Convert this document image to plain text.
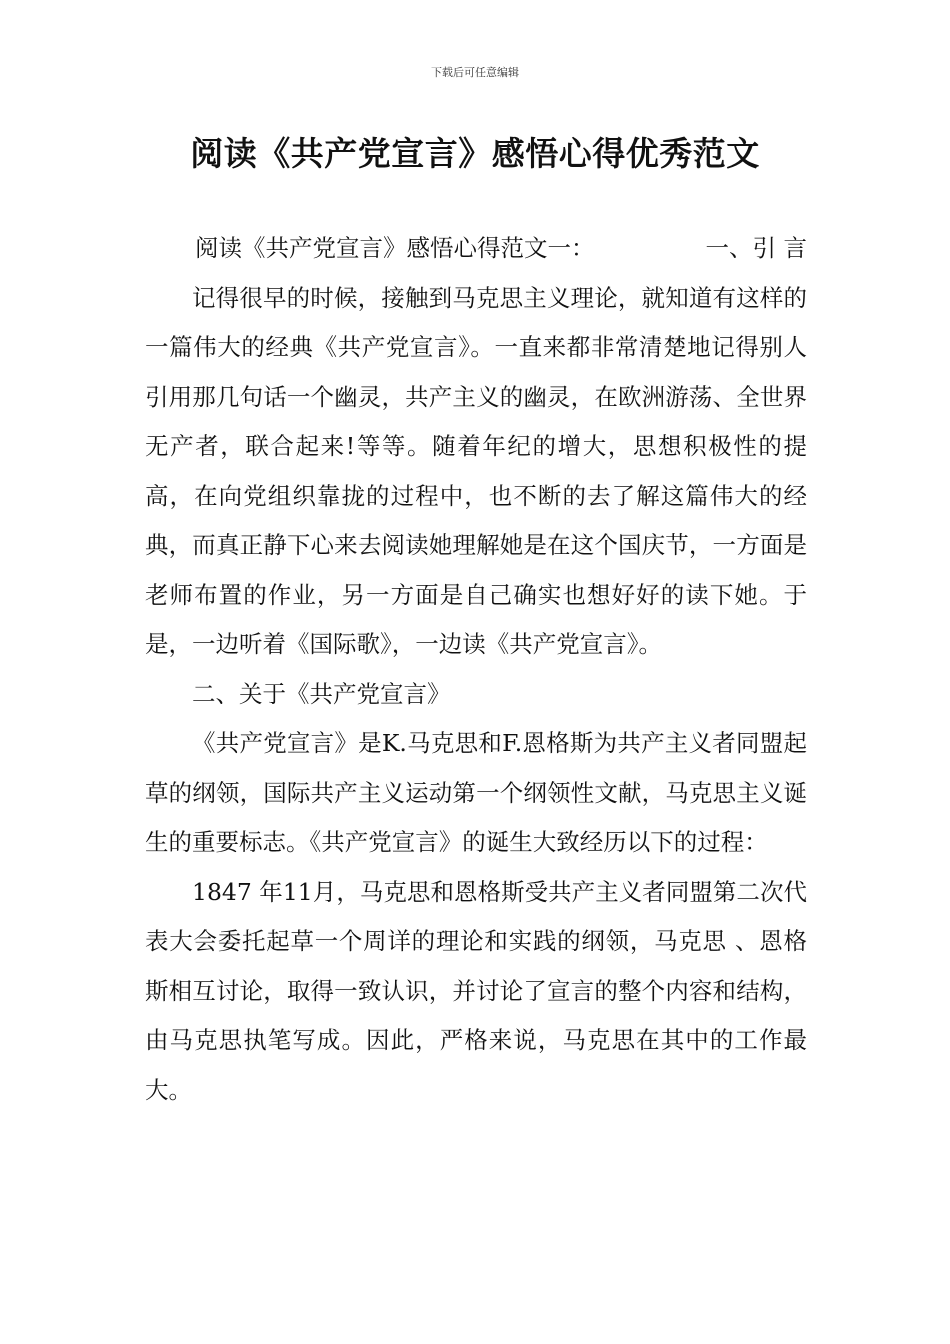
下载后可任意编辑
阅读《共产党宣言》感悟心得优秀范文

阅读《共产党宣言》感悟心得范文一：	一、引 言

记得很早的时候，接触到马克思主义理论，就知道有这样的一篇伟大的经典《共产党宣言》。一直来都非常清楚地记得别人引用那几句话一个幽灵，共产主义的幽灵，在欧洲游荡、全世界无产者，联合起来!等等。随着年纪的增大，思想积极性的提高，在向党组织靠拢的过程中，也不断的去了解这篇伟大的经典，而真正静下心来去阅读她理解她是在这个国庆节，一方面是老师布置的作业，另一方面是自己确实也想好好的读下她。于是，一边听着《国际歌》，一边读《共产党宣言》。

二、关于《共产党宣言》

《共产党宣言》是K.马克思和F.恩格斯为共产主义者同盟起草的纲领，国际共产主义运动第一个纲领性文献，马克思主义诞生的重要标志。《共产党宣言》的诞生大致经历以下的过程：

1847 年11月，马克思和恩格斯受共产主义者同盟第二次代表大会委托起草一个周详的理论和实践的纲领，马克思 、恩格斯相互讨论，取得一致认识，并讨论了宣言的整个内容和结构，由马克思执笔写成。因此，严格来说，马克思在其中的工作最大。
